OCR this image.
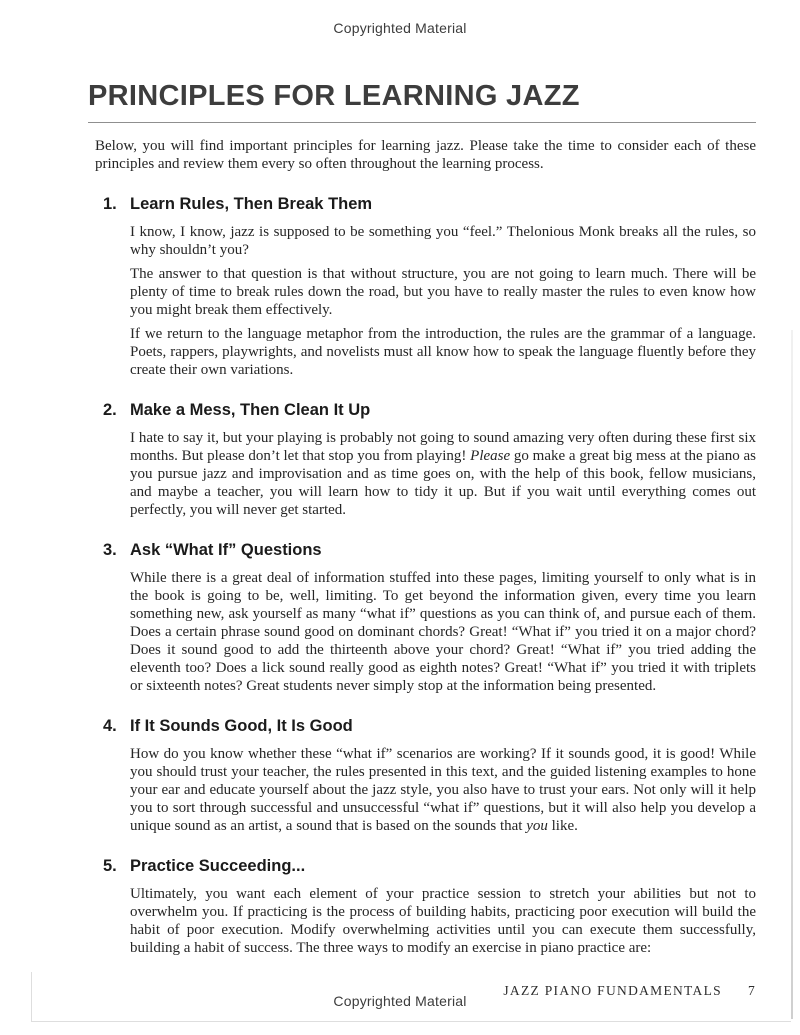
Copyrighted Material

PRINCIPLES FOR LEARNING JAZZ

Below, you will find important principles for learning jazz. Please take the time to consider each of these principles and review them every so often throughout the learning process.

1. Learn Rules, Then Break Them

I know, I know, jazz is supposed to be something you “feel.” Thelonious Monk breaks all the rules, so why shouldn’t you?

The answer to that question is that without structure, you are not going to learn much. There will be plenty of time to break rules down the road, but you have to really master the rules to even know how you might break them effectively.

If we return to the language metaphor from the introduction, the rules are the grammar of a language. Poets, rappers, playwrights, and novelists must all know how to speak the language fluently before they create their own variations.

2. Make a Mess, Then Clean It Up

I hate to say it, but your playing is probably not going to sound amazing very often during these first six months. But please don’t let that stop you from playing! Please go make a great big mess at the piano as you pursue jazz and improvisation and as time goes on, with the help of this book, fellow musicians, and maybe a teacher, you will learn how to tidy it up. But if you wait until everything comes out perfectly, you will never get started.

3. Ask “What If” Questions

While there is a great deal of information stuffed into these pages, limiting yourself to only what is in the book is going to be, well, limiting. To get beyond the information given, every time you learn something new, ask yourself as many “what if” questions as you can think of, and pursue each of them. Does a certain phrase sound good on dominant chords? Great! “What if” you tried it on a major chord? Does it sound good to add the thirteenth above your chord? Great! “What if” you tried adding the eleventh too? Does a lick sound really good as eighth notes? Great! “What if” you tried it with triplets or sixteenth notes? Great students never simply stop at the information being presented.

4. If It Sounds Good, It Is Good

How do you know whether these “what if” scenarios are working? If it sounds good, it is good! While you should trust your teacher, the rules presented in this text, and the guided listening examples to hone your ear and educate yourself about the jazz style, you also have to trust your ears. Not only will it help you to sort through successful and unsuccessful “what if” questions, but it will also help you develop a unique sound as an artist, a sound that is based on the sounds that you like.

5. Practice Succeeding...

Ultimately, you want each element of your practice session to stretch your abilities but not to overwhelm you. If practicing is the process of building habits, practicing poor execution will build the habit of poor execution. Modify overwhelming activities until you can execute them successfully, building a habit of success. The three ways to modify an exercise in piano practice are:

JAZZ PIANO FUNDAMENTALS 7

Copyrighted Material
